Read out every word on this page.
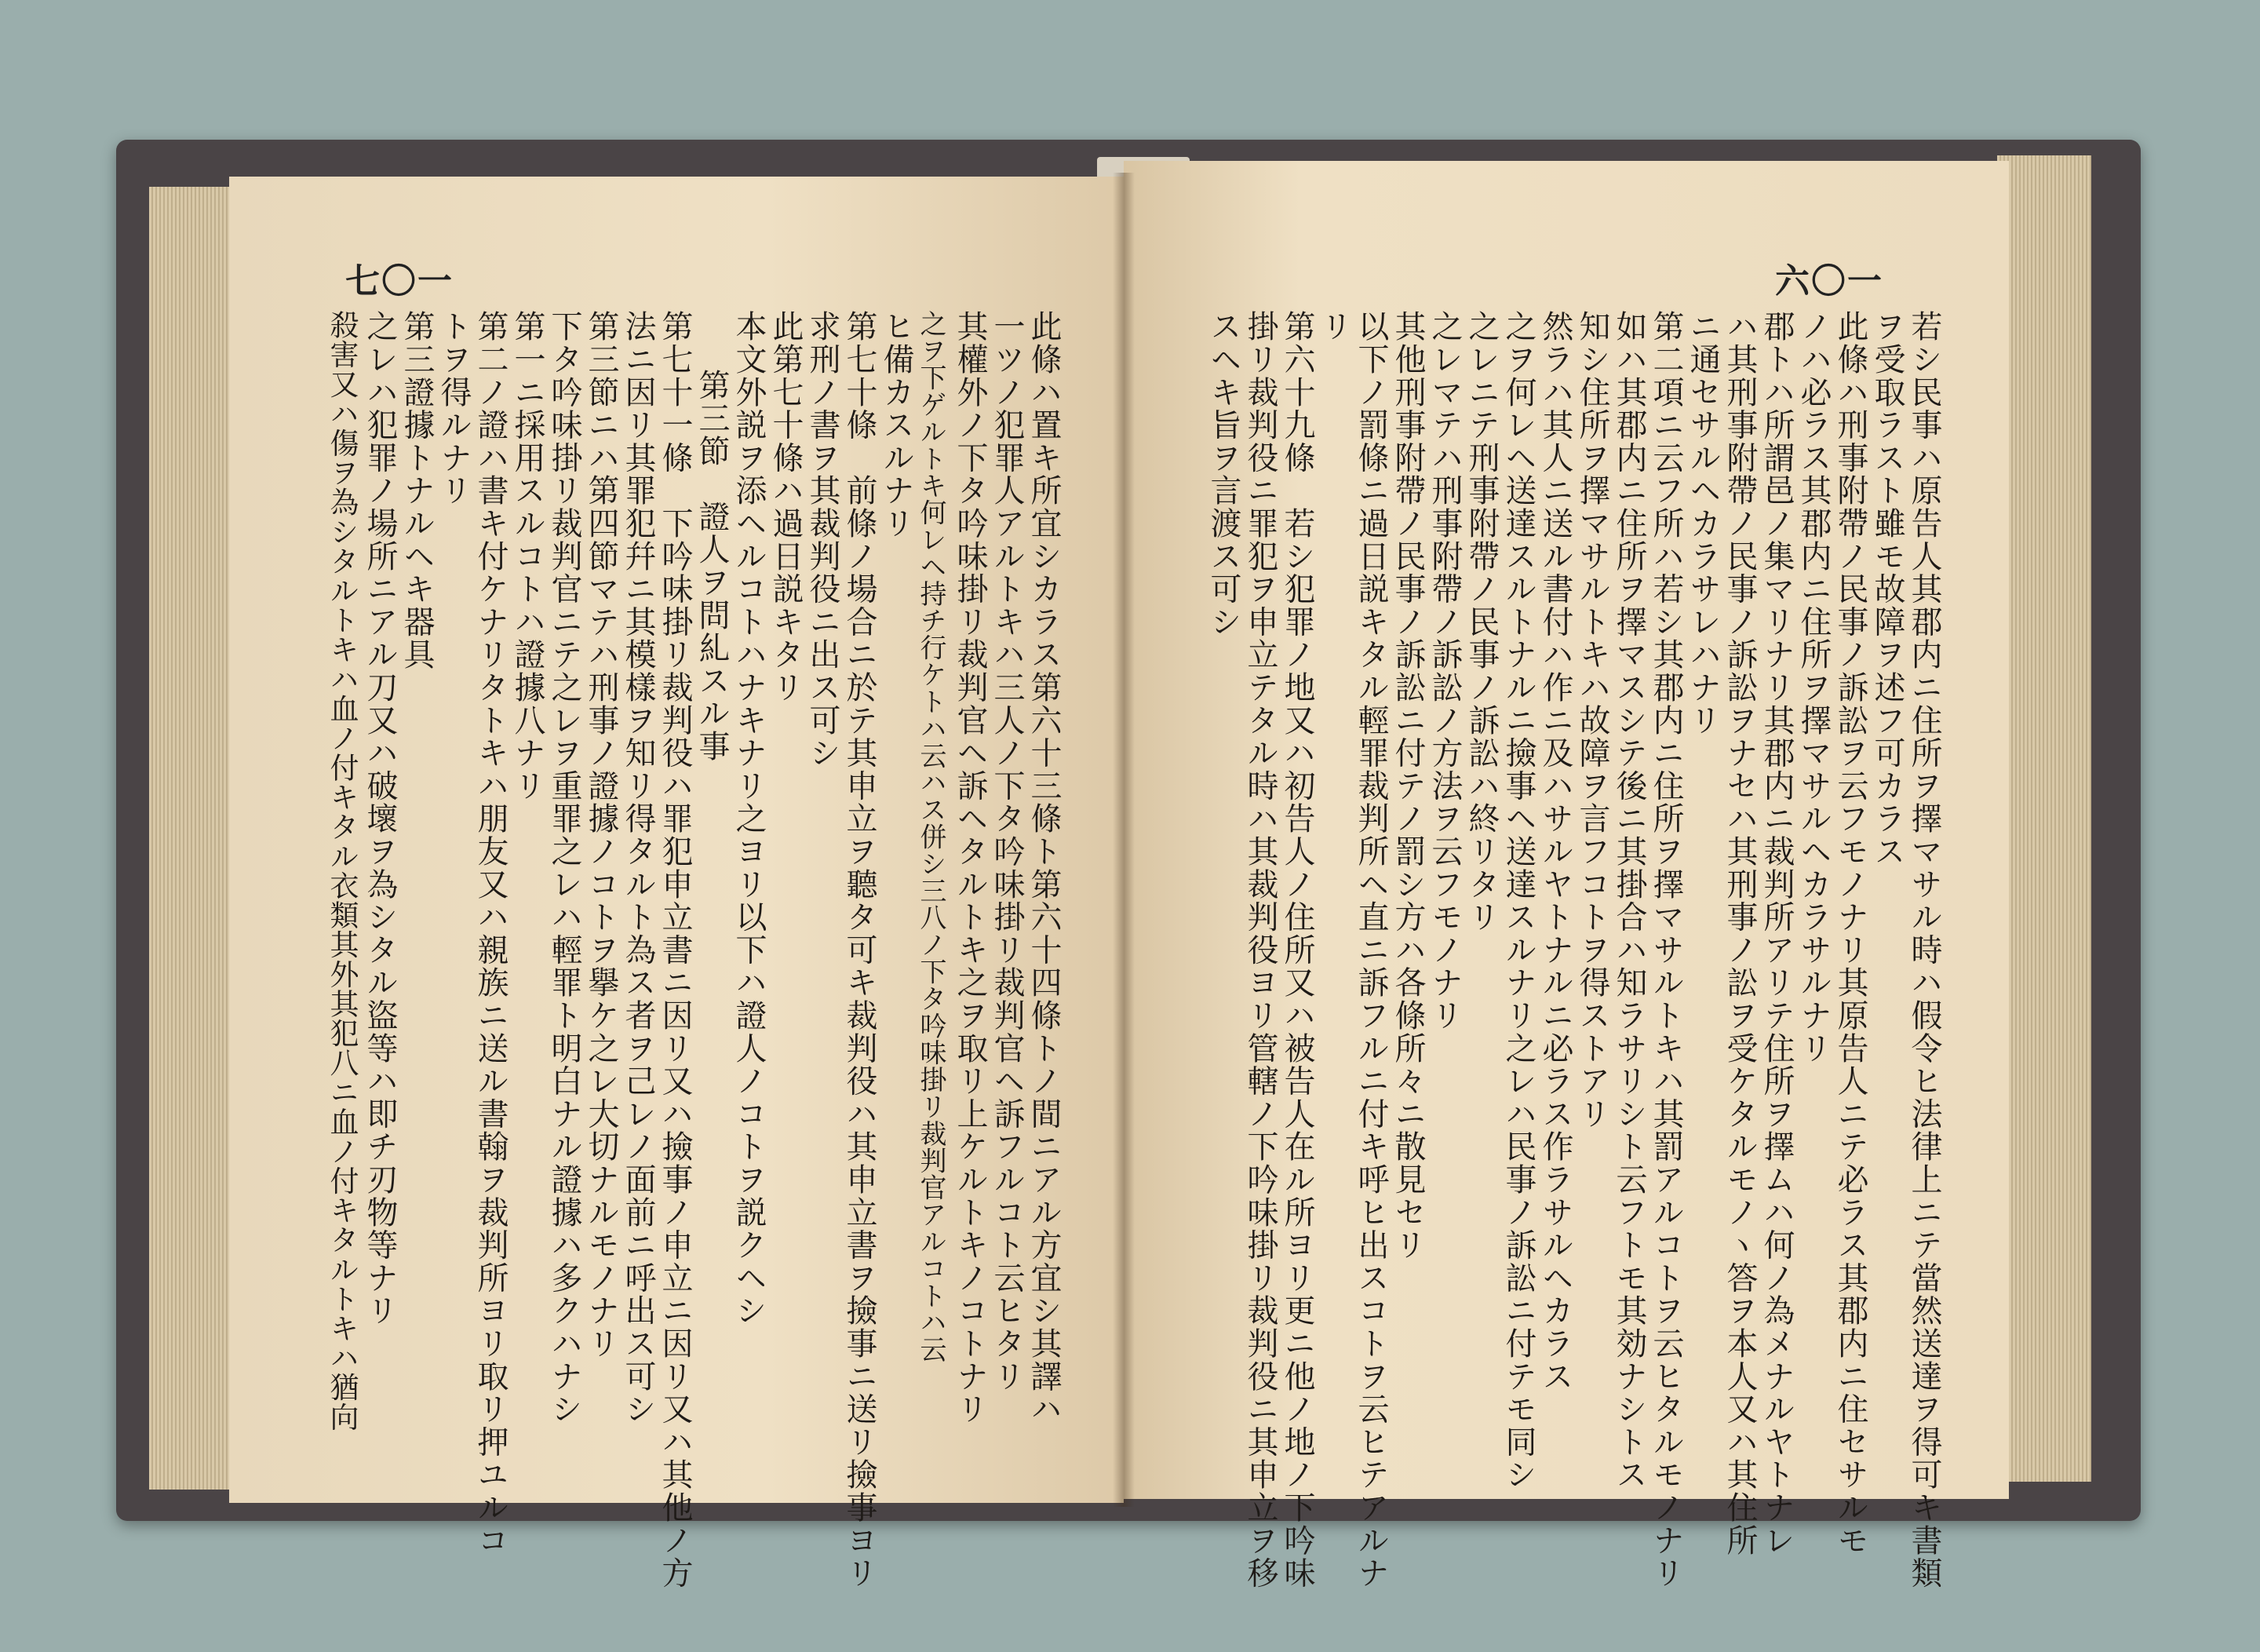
七〇一	六〇一
此條ハ置キ所宜シカラス第六十三條ト第六十四條トノ間ニアル方宜シ其譯ハ
一ツノ犯罪人アルトキハ三人ノ下タ吟味掛リ裁判官ヘ訴フルコト云ヒタリ
其權外ノ下タ吟味掛リ裁判官ヘ訴ヘタルトキ之ヲ取リ上ケルトキノコトナリ
之ヲ下ゲルトキ何レヘ持チ行ケトハ云ハス併シ三八ノ下タ吟味掛リ裁判官アルコトハ云
ヒ備カスルナリ
第七十條　前條ノ場合ニ於テ其申立ヲ聽タ可キ裁判役ハ其申立書ヲ撿事ニ送リ撿事ヨリ
求刑ノ書ヲ其裁判役ニ出ス可シ
此第七十條ハ過日説キタリ
本文外説ヲ添ヘルコトハナキナリ之ヨリ以下ハ證人ノコトヲ説クヘシ
第三節　證人ヲ問糺スル事
第七十一條　下吟味掛リ裁判役ハ罪犯申立書ニ因リ又ハ撿事ノ申立ニ因リ又ハ其他ノ方
法ニ因リ其罪犯幷ニ其模樣ヲ知リ得タルト為ス者ヲ己レノ面前ニ呼出ス可シ
第三節ニハ第四節マテハ刑事ノ證據ノコトヲ擧ケ之レ大切ナルモノナリ
下タ吟味掛リ裁判官ニテ之レヲ重罪之レハ輕罪ト明白ナル證據ハ多クハナシ
第一ニ採用スルコトハ證據八ナリ
第二ノ證ハ書キ付ケナリタトキハ朋友又ハ親族ニ送ル書翰ヲ裁判所ヨリ取リ押ユルコ
トヲ得ルナリ
第三證據トナルヘキ器具
之レハ犯罪ノ場所ニアル刀又ハ破壞ヲ為シタル盜等ハ即チ刃物等ナリ
殺害又ハ傷ヲ為シタルトキハ血ノ付キタル衣類其外其犯八ニ血ノ付キタルトキハ猶向	若シ民事ハ原告人其郡内ニ住所ヲ擇マサル時ハ假令ヒ法律上ニテ當然送達ヲ得可キ書類
ヲ受取ラスト雖モ故障ヲ述フ可カラス
此條ハ刑事附帶ノ民事ノ訴訟ヲ云フモノナリ其原告人ニテ必ラス其郡内ニ住セサルモ
ノハ必ラス其郡内ニ住所ヲ擇マサルヘカラサルナリ
郡トハ所謂邑ノ集マリナリ其郡内ニ裁判所アリテ住所ヲ擇ムハ何ノ為メナルヤトナレ
ハ其刑事附帶ノ民事ノ訴訟ヲナセハ其刑事ノ訟ヲ受ケタルモノヽ答ヲ本人又ハ其住所
ニ通セサルヘカラサレハナリ
第二項ニ云フ所ハ若シ其郡内ニ住所ヲ擇マサルトキハ其罰アルコトヲ云ヒタルモノナリ
如ハ其郡内ニ住所ヲ擇マスシテ後ニ其掛合ハ知ラサリシト云フトモ其効ナシトス
知シ住所ヲ擇マサルトキハ故障ヲ言フコトヲ得ストアリ
然ラハ其人ニ送ル書付ハ作ニ及ハサルヤトナルニ必ラス作ラサルヘカラス
之ヲ何レヘ送達スルトナルニ撿事ヘ送達スルナリ之レハ民事ノ訴訟ニ付テモ同シ
之レニテ刑事附帶ノ民事ノ訴訟ハ終リタリ
之レマテハ刑事附帶ノ訴訟ノ方法ヲ云フモノナリ
其他刑事附帶ノ民事ノ訴訟ニ付テノ罰シ方ハ各條所々ニ散見セリ
以下ノ罰條ニ過日説キタル輕罪裁判所ヘ直ニ訴フルニ付キ呼ヒ出スコトヲ云ヒテアルナ
リ
第六十九條　若シ犯罪ノ地又ハ初告人ノ住所又ハ被告人在ル所ヨリ更ニ他ノ地ノ下吟味
掛リ裁判役ニ罪犯ヲ申立テタル時ハ其裁判役ヨリ管轄ノ下吟味掛リ裁判役ニ其申立ヲ移
スヘキ旨ヲ言渡ス可シ
